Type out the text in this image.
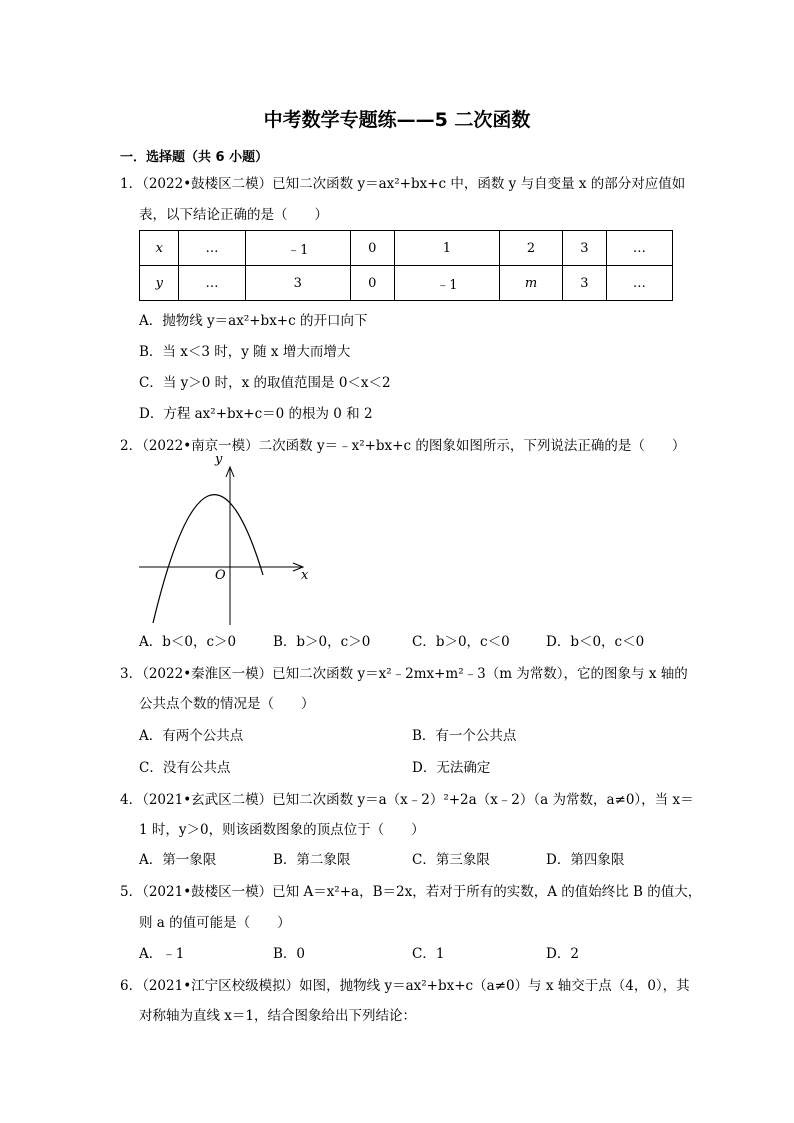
中考数学专题练——5 二次函数
一．选择题（共 6 小题）
1．（2022•鼓楼区二模）已知二次函数 y＝ax²+bx+c 中，函数 y 与自变量 x 的部分对应值如
表，以下结论正确的是（　　）
x	…	﹣1	0	1	2	3	…
y	…	3	0	﹣1	m	3	…
A．抛物线 y＝ax²+bx+c 的开口向下
B．当 x＜3 时，y 随 x 增大而增大
C．当 y＞0 时，x 的取值范围是 0＜x＜2
D．方程 ax²+bx+c＝0 的根为 0 和 2
2．（2022•南京一模）二次函数 y＝﹣x²+bx+c 的图象如图所示，下列说法正确的是（　　）
y
x
O
A．b＜0，c＞0	B．b＞0，c＞0	C．b＞0，c＜0	D．b＜0，c＜0
3．（2022•秦淮区一模）已知二次函数 y＝x²﹣2mx+m²﹣3（m 为常数），它的图象与 x 轴的
公共点个数的情况是（　　）
A．有两个公共点	B．有一个公共点
C．没有公共点	D．无法确定
4．（2021•玄武区二模）已知二次函数 y＝a（x﹣2）²+2a（x﹣2）（a 为常数，a≠0），当 x＝
1 时，y＞0，则该函数图象的顶点位于（　　）
A．第一象限	B．第二象限	C．第三象限	D．第四象限
5．（2021•鼓楼区一模）已知 A＝x²+a，B＝2x，若对于所有的实数，A 的值始终比 B 的值大，
则 a 的值可能是（　　）
A．﹣1	B．0	C．1	D．2
6．（2021•江宁区校级模拟）如图，抛物线 y＝ax²+bx+c（a≠0）与 x 轴交于点（4，0），其
对称轴为直线 x＝1，结合图象给出下列结论：
